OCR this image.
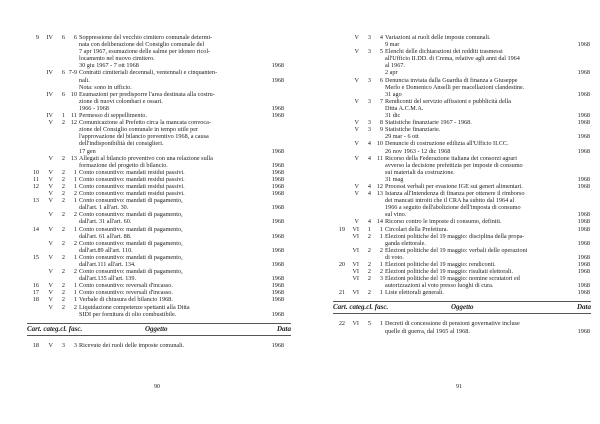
9	IV	6	6 Soppressione del vecchio cimitero comunale determi-
nata con deliberazione del Consiglio comunale del
7 apr 1967, esumazione delle salme per idoneo ricol-
locamento nel nuovo cimitero.
30 giu 1967 - 7 ott 1968	1968
IV	6 7-9 Contratti cimiteriali decennali, ventennali e cinquanten-
nali.	1968
Nota: sono in ufficio.
IV	6 10 Esumazioni per predisporre l'area destinata alla costru-
zione di nuovi colombari e ossari.
1966 - 1968	1968
IV	1 11 Permesso di seppellimento.	1968
V	2 12 Comunicazione al Prefetto circa la mancata convoca-
zione del Consiglio comunale in tempo utile per
l'approvazione del bilancio preventivo 1968, a causa
dell'indisponibilità dei consiglieri.
17 gen	1968
V	2 13 Allegati al bilancio preventivo con una relazione sulla
formazione del progetto di bilancio.	1968
10	V	2	1 Conto consuntivo: mandati residui passivi.	1968
11	V	2	1 Conto consuntivo: mandati residui passivi.	1968
12	V	2	1 Conto consuntivo: mandati residui passivi.	1968
V	2	2 Conto consuntivo: mandati residui passivi.	1968
13	V	2	1 Conto consuntivo: mandati di pagamento,
dall'art. 1 all'art. 30.	1968
V	2	2 Conto consuntivo: mandati di pagamento,
dall'art. 31 all'art. 60.	1968
14	V	2	1 Conto consuntivo: mandati di pagamento,
dall'art. 61 all'art. 88.	1968
V	2	2 Conto consuntivo: mandati di pagamento,
dall'art.89 all'art. 110.	1968
15	V	2	1 Conto consuntivo: mandati di pagamento,
dall'art.111 all'art. 134.	1968
V	2	2 Conto consuntivo: mandati di pagamento,
dall'art.135 all'art. 139.	1968
16	V	2	1 Conto consuntivo: reversali d'incasso.	1968
17	V	2	1 Conto consuntivo: reversali d'incasso.	1968
18	V	2	1 Verbale di chiusura del bilancio 1968.	1968
V	2	2 Liquidazione competenze spettanti alla Ditta
SIDI per fornitura di olio combustibile.	1968
Cart. categ.cl. fasc.	Oggetto	Data
18	V	3	3 Ricevute dei ruoli delle imposte comunali.	1968
90
V	3	4 Variazioni ai ruoli delle imposte comunali.
9 mar	1968
V	3	5 Elenchi delle dichiarazioni dei redditi trasmessi
all'Ufficio II.DD. di Crema, relative agli anni dal 1964
al 1967.
2 apr	1968
V	3	6 Denuncia inviata dalla Guardia di finanza a Giuseppe
Merlo e Domenico Anselli per macellazioni clandestine.
31 ago	1968
V	3	7 Rendiconti del servizio affissioni e pubblicità della
Ditta A.C.M.A.
31 dic	1968
V	3	8 Statistiche finanziarie 1967 - 1968.	1968
V	3	9 Statistiche finanziarie.
29 mar - 6 ott	1968
V	4 10 Denuncie di costruzione edilizia all'Ufficio II.CC.
26 nov 1963 - 12 dic 1968	1968
V	4 11 Ricorso della Federazione italiana dei consorzi agrari
avverso la decisione prefettizia per imposte di consumo
sui materiali da costruzione.
31 mag	1968
V	4 12 Processi verbali per evasione IGE sui generi alimentari.	1968
V	4 13 Istanza all'Intendenza di finanza per ottenere il rimborso
dei mancati introiti che il CRA ha subito dal 1964 al
1966 a seguito dell'abolizione dell'imposta di consumo
sul vino.	1968
V	4 14 Ricorso contro le imposte di consumo, definiti.	1968
19	VI	1	1 Circolari della Prefettura.	1968
VI	2	1 Elezioni politiche del 19 maggio: disciplina della propa-
ganda elettorale.	1968
VI	2	2 Elezioni politiche del 19 maggio: verbali delle operazioni
di voto.	1968
20	VI	2	1 Elezioni politiche del 19 maggio: rendiconti.	1968
VI	2	2 Elezioni politiche del 19 maggio: risultati elettorali.	1968
VI	2	3 Elezioni politiche del 19 maggio: nomine scrutatori ed
autorizzazioni al voto presso luoghi di cura.	1968
21	VI	2	1 Liste elettorali generali.	1968
Cart. categ.cl. fasc.	Oggetto	Data
22	VI	5	1 Decreti di concessione di pensioni governative incluse
quelle di guerra, dal 1965 al 1968.	1968
91
